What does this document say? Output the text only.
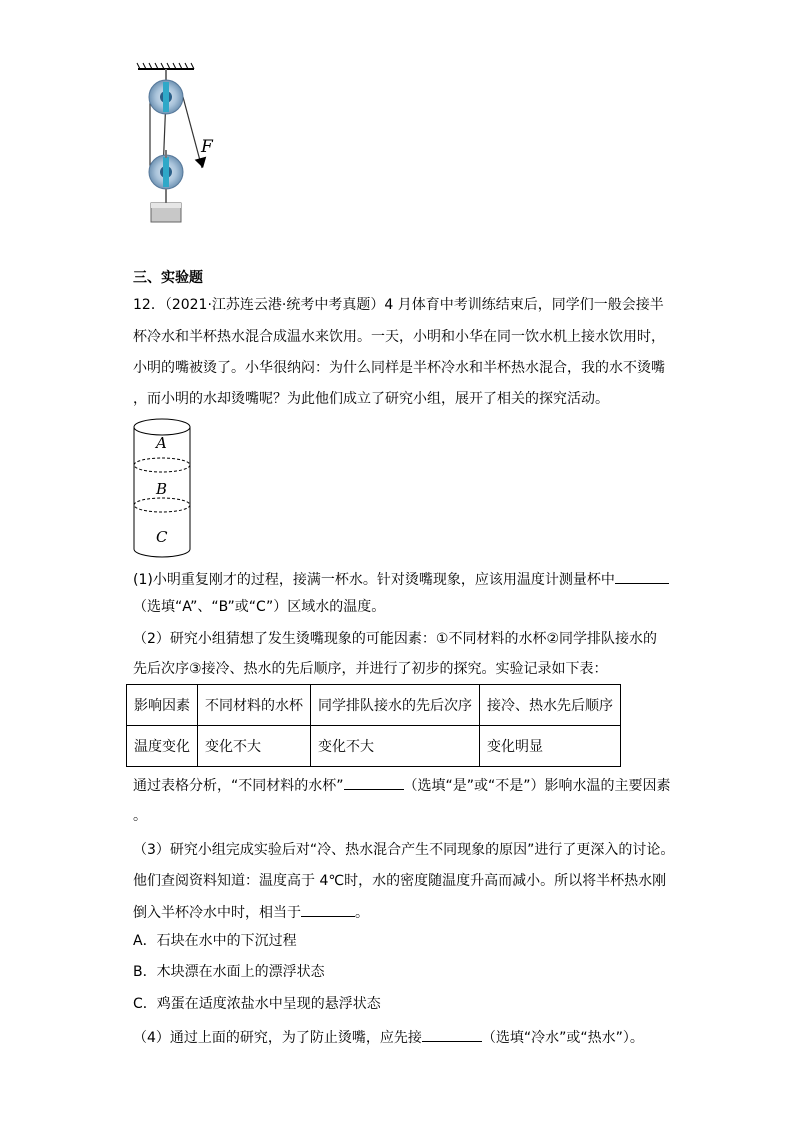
F
三、实验题
12．（2021·江苏连云港·统考中考真题）4 月体育中考训练结束后，同学们一般会接半
杯冷水和半杯热水混合成温水来饮用。一天，小明和小华在同一饮水机上接水饮用时，
小明的嘴被烫了。小华很纳闷：为什么同样是半杯冷水和半杯热水混合，我的水不烫嘴
，而小明的水却烫嘴呢？为此他们成立了研究小组，展开了相关的探究活动。
A
B
C
(1)小明重复刚才的过程，接满一杯水。针对烫嘴现象，应该用温度计测量杯中
（选填“A”、“B”或“C”）区域水的温度。
（2）研究小组猜想了发生烫嘴现象的可能因素：①不同材料的水杯②同学排队接水的
先后次序③接冷、热水的先后顺序，并进行了初步的探究。实验记录如下表：
影响因素	不同材料的水杯	同学排队接水的先后次序	接冷、热水先后顺序
温度变化	变化不大	变化不大	变化明显
通过表格分析，“不同材料的水杯”	（选填“是”或“不是”）影响水温的主要因素
。
（3）研究小组完成实验后对“冷、热水混合产生不同现象的原因”进行了更深入的讨论。
他们查阅资料知道：温度高于 4℃时，水的密度随温度升高而减小。所以将半杯热水刚
倒入半杯冷水中时，相当于	。
A．石块在水中的下沉过程
B．木块漂在水面上的漂浮状态
C．鸡蛋在适度浓盐水中呈现的悬浮状态
（4）通过上面的研究，为了防止烫嘴，应先接	（选填“冷水”或“热水”）。
